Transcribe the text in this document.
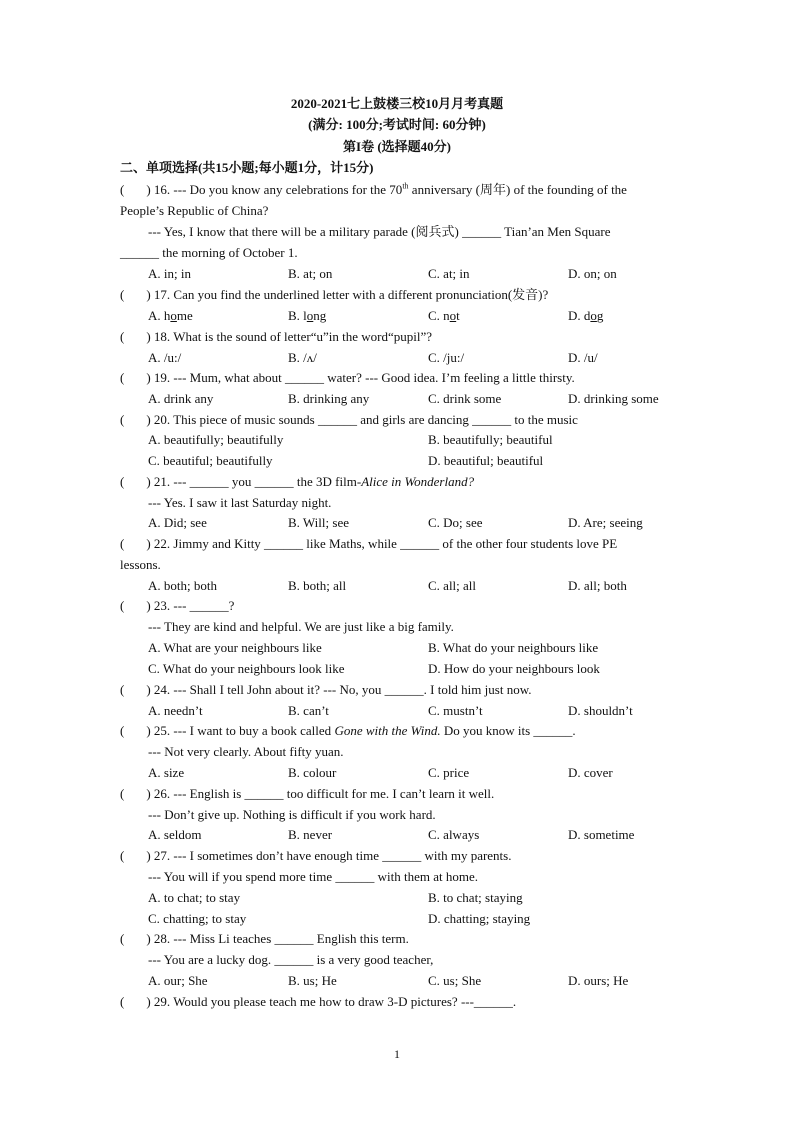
2020-2021七上鼓楼三校10月月考真题
(满分: 100分;考试时间: 60分钟)
第I卷 (选择题40分)
二、单项选择(共15小题;每小题1分，计15分)
( ) 16. --- Do you know any celebrations for the 70th anniversary (周年) of the founding of the
People’s Republic of China?
--- Yes, I know that there will be a military parade (阅兵式) ______ Tian’an Men Square
______ the morning of October 1.
A. in; in	B. at; on	C. at; in	D. on; on
( ) 17. Can you find the underlined letter with a different pronunciation(发音)?
A. home	B. long	C. not	D. dog
( ) 18. What is the sound of letter“u”in the word“pupil”?
A. /u:/	B. /ʌ/	C. /ju:/	D. /u/
( ) 19. --- Mum, what about ______ water? --- Good idea. I’m feeling a little thirsty.
A. drink any	B. drinking any	C. drink some	D. drinking some
( ) 20. This piece of music sounds ______ and girls are dancing ______ to the music
A. beautifully; beautifully	B. beautifully; beautiful
C. beautiful; beautifully	D. beautiful; beautiful
( ) 21. --- ______ you ______ the 3D film-Alice in Wonderland?
--- Yes. I saw it last Saturday night.
A. Did; see	B. Will; see	C. Do; see	D. Are; seeing
( ) 22. Jimmy and Kitty ______ like Maths, while ______ of the other four students love PE
lessons.
A. both; both	B. both; all	C. all; all	D. all; both
( ) 23. --- ______?
--- They are kind and helpful. We are just like a big family.
A. What are your neighbours like	B. What do your neighbours like
C. What do your neighbours look like	D. How do your neighbours look
( ) 24. --- Shall I tell John about it? --- No, you ______. I told him just now.
A. needn’t	B. can’t	C. mustn’t	D. shouldn’t
( ) 25. --- I want to buy a book called Gone with the Wind. Do you know its ______.
--- Not very clearly. About fifty yuan.
A. size	B. colour	C. price	D. cover
( ) 26. --- English is ______ too difficult for me. I can’t learn it well.
--- Don’t give up. Nothing is difficult if you work hard.
A. seldom	B. never	C. always	D. sometime
( ) 27. --- I sometimes don’t have enough time ______ with my parents.
--- You will if you spend more time ______ with them at home.
A. to chat; to stay	B. to chat; staying
C. chatting; to stay	D. chatting; staying
( ) 28. --- Miss Li teaches ______ English this term.
--- You are a lucky dog. ______ is a very good teacher,
A. our; She	B. us; He	C. us; She	D. ours; He
( ) 29. Would you please teach me how to draw 3-D pictures? ---______.
1
